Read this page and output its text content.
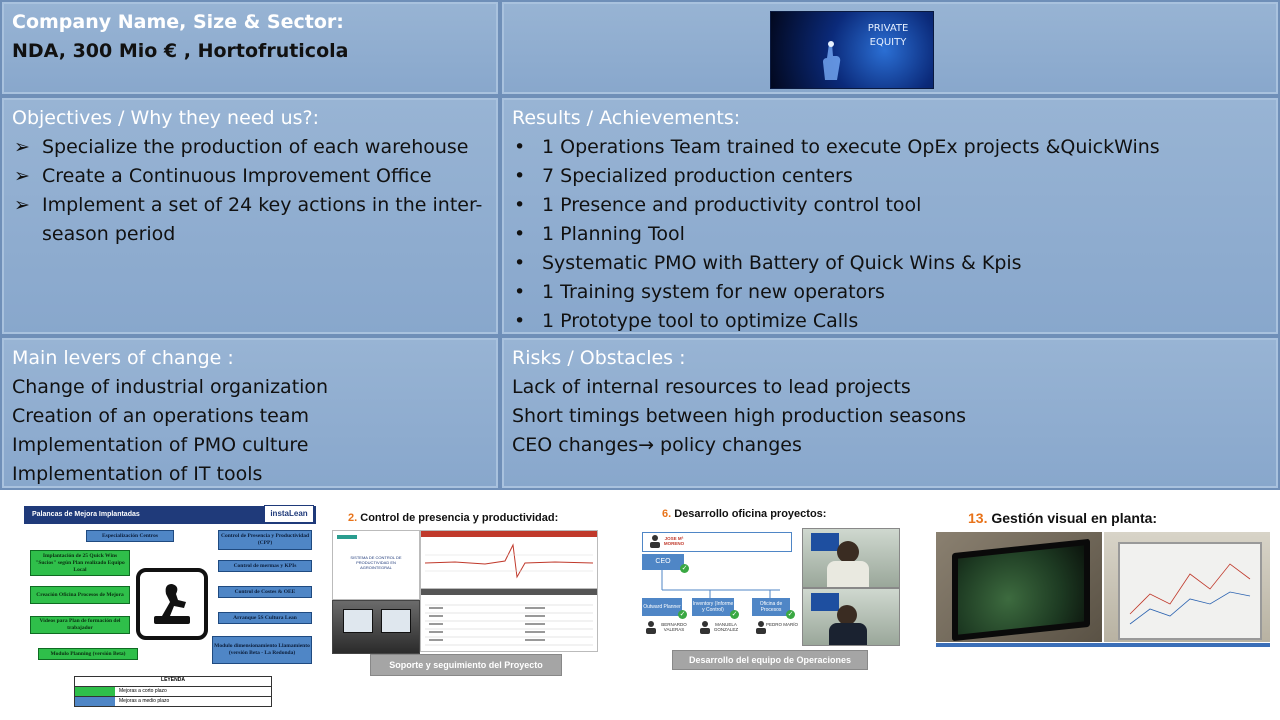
Company Name, Size & Sector:
NDA, 300 Mio € , Hortofruticola
PRIVATE
EQUITY
Objectives / Why they need us?:
➢ Specialize the production of each warehouse
➢ Create a Continuous Improvement Office
➢ Implement a set of 24 key actions in the inter-season period
Results / Achievements:
• 1 Operations Team trained to execute OpEx projects &QuickWins
• 7 Specialized production centers
• 1 Presence and productivity control tool
• 1 Planning Tool
• Systematic PMO with Battery of Quick Wins & Kpis
• 1 Training system for new operators
• 1 Prototype tool to optimize Calls
Main levers of change :
Change of industrial organization
Creation of an operations team
Implementation of PMO culture
Implementation of IT tools
Risks / Obstacles :
Lack of internal resources to lead projects
Short timings between high production seasons
CEO changes→ policy changes
Palancas de Mejora Implantadas	instaLean
Especialización Centros	Control de Presencia y Productividad (CPP)
Implantación de 25 Quick Wins "Sucios" según Plan realizado Equipo Local
Control de mermas y KPIs
Creación Oficina Procesos de Mejora	Control de Costes & OEE
Videos para Plan de formación del trabajador
Arranque 5S Cultura Lean
Modulo dimensionamiento Llamamiento (versión Beta - La Redonda)
Modulo Planning (versión Beta)
LEYENDA
Mejoras a corto plazo
Mejoras a medio plazo
2. Control de presencia y productividad:
SISTEMA DE CONTROL DE PRODUCTIVIDAD EN AGROINTEGRAL
Soporte y seguimiento del Proyecto
6. Desarrollo oficina proyectos:
JOSE Mª MORENO
CEO
✓
Outward Planner
✓
Inventory (Informe y Control)
✓
Oficina de Procesos
✓
BERNARDO VALERAS
MANUELA GONZALEZ
PEDRO MARÍO
Desarrollo del equipo de Operaciones
13. Gestión visual en planta:
